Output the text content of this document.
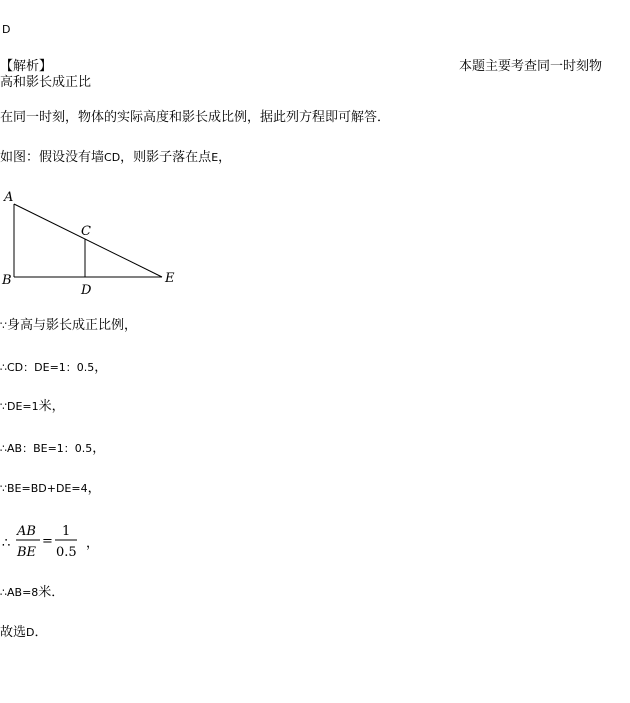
D
【解析】	本题主要考查同一时刻物
高和影长成正比
在同一时刻，物体的实际高度和影长成比例，据此列方程即可解答．
如图：假设没有墙CD，则影子落在点E，
A
B
C
D
E
∵身高与影长成正比例，
∴CD：DE=1：0.5，
∵DE=1米，
∴AB：BE=1：0.5，
∵BE=BD+DE=4，
∴
AB
BE
=
1
0.5
，
∴AB=8米．
故选D．
